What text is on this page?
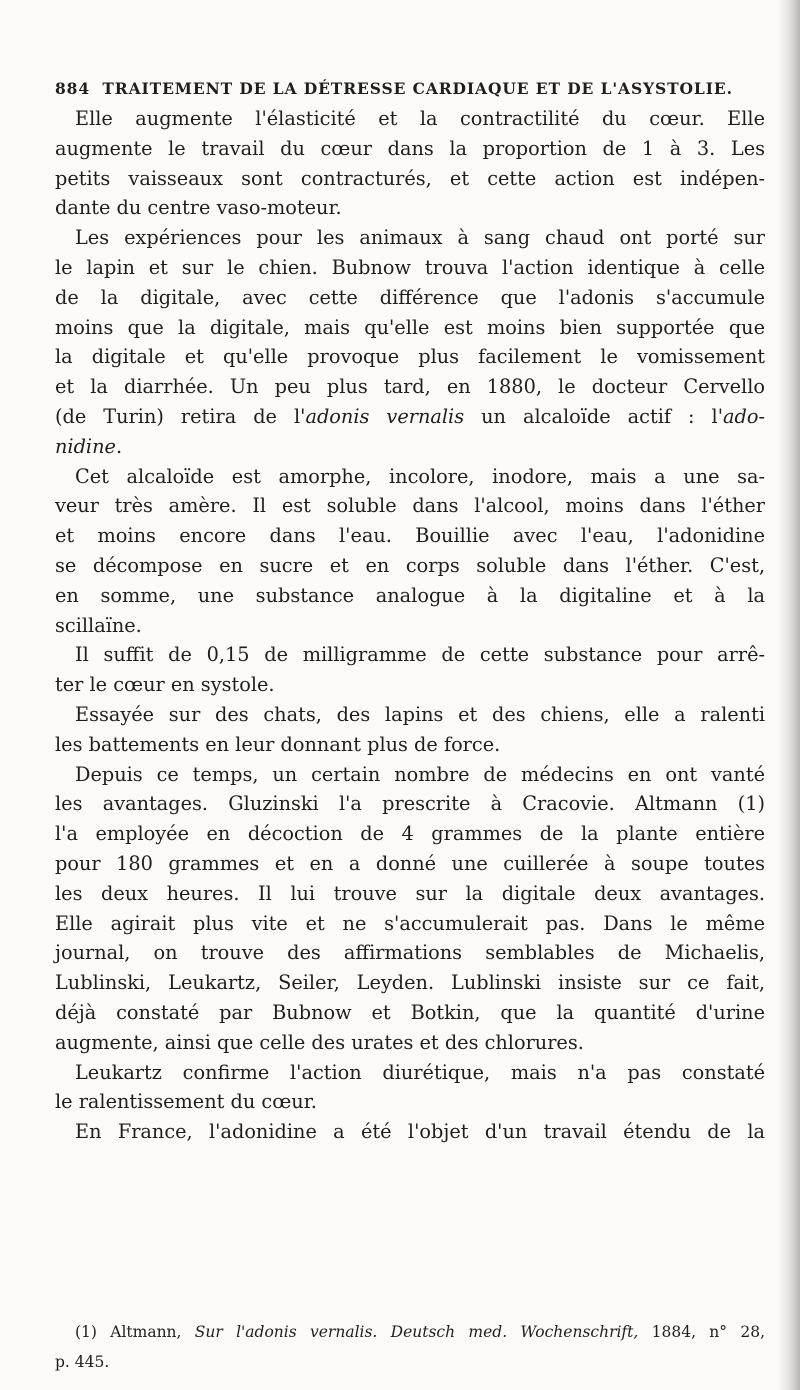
884 TRAITEMENT DE LA DÉTRESSE CARDIAQUE ET DE L'ASYSTOLIE.
Elle augmente l'élasticité et la contractilité du cœur. Elle
augmente le travail du cœur dans la proportion de 1 à 3. Les
petits vaisseaux sont contracturés, et cette action est indépen-
dante du centre vaso-moteur.
Les expériences pour les animaux à sang chaud ont porté sur
le lapin et sur le chien. Bubnow trouva l'action identique à celle
de la digitale, avec cette différence que l'adonis s'accumule
moins que la digitale, mais qu'elle est moins bien supportée que
la digitale et qu'elle provoque plus facilement le vomissement
et la diarrhée. Un peu plus tard, en 1880, le docteur Cervello
(de Turin) retira de l'adonis vernalis un alcaloïde actif : l'ado-
nidine.
Cet alcaloïde est amorphe, incolore, inodore, mais a une sa-
veur très amère. Il est soluble dans l'alcool, moins dans l'éther
et moins encore dans l'eau. Bouillie avec l'eau, l'adonidine
se décompose en sucre et en corps soluble dans l'éther. C'est,
en somme, une substance analogue à la digitaline et à la
scillaïne.
Il suffit de 0,15 de milligramme de cette substance pour arrê-
ter le cœur en systole.
Essayée sur des chats, des lapins et des chiens, elle a ralenti
les battements en leur donnant plus de force.
Depuis ce temps, un certain nombre de médecins en ont vanté
les avantages. Gluzinski l'a prescrite à Cracovie. Altmann (1)
l'a employée en décoction de 4 grammes de la plante entière
pour 180 grammes et en a donné une cuillerée à soupe toutes
les deux heures. Il lui trouve sur la digitale deux avantages.
Elle agirait plus vite et ne s'accumulerait pas. Dans le même
journal, on trouve des affirmations semblables de Michaelis,
Lublinski, Leukartz, Seiler, Leyden. Lublinski insiste sur ce fait,
déjà constaté par Bubnow et Botkin, que la quantité d'urine
augmente, ainsi que celle des urates et des chlorures.
Leukartz confirme l'action diurétique, mais n'a pas constaté
le ralentissement du cœur.
En France, l'adonidine a été l'objet d'un travail étendu de la
(1) Altmann, Sur l'adonis vernalis. Deutsch med. Wochenschrift, 1884, n° 28,
p. 445.
